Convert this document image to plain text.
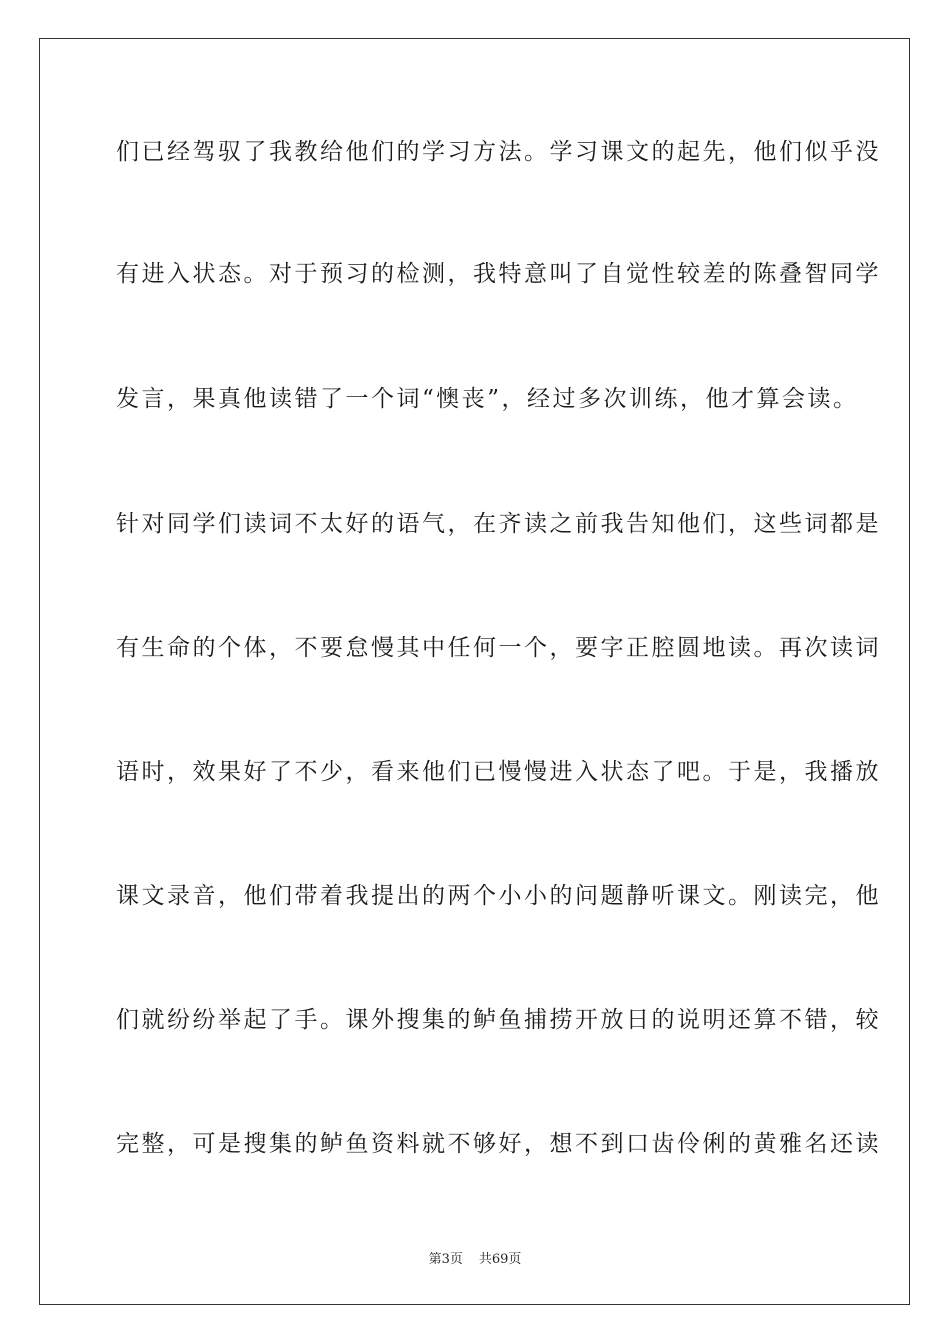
们已经驾驭了我教给他们的学习方法。学习课文的起先，他们似乎没
有进入状态。对于预习的检测，我特意叫了自觉性较差的陈叠智同学
发言，果真他读错了一个词“懊丧”，经过多次训练，他才算会读。
针对同学们读词不太好的语气，在齐读之前我告知他们，这些词都是
有生命的个体，不要怠慢其中任何一个，要字正腔圆地读。再次读词
语时，效果好了不少，看来他们已慢慢进入状态了吧。于是，我播放
课文录音，他们带着我提出的两个小小的问题静听课文。刚读完，他
们就纷纷举起了手。课外搜集的鲈鱼捕捞开放日的说明还算不错，较
完整，可是搜集的鲈鱼资料就不够好，想不到口齿伶俐的黄雅名还读
第3页 共69页
